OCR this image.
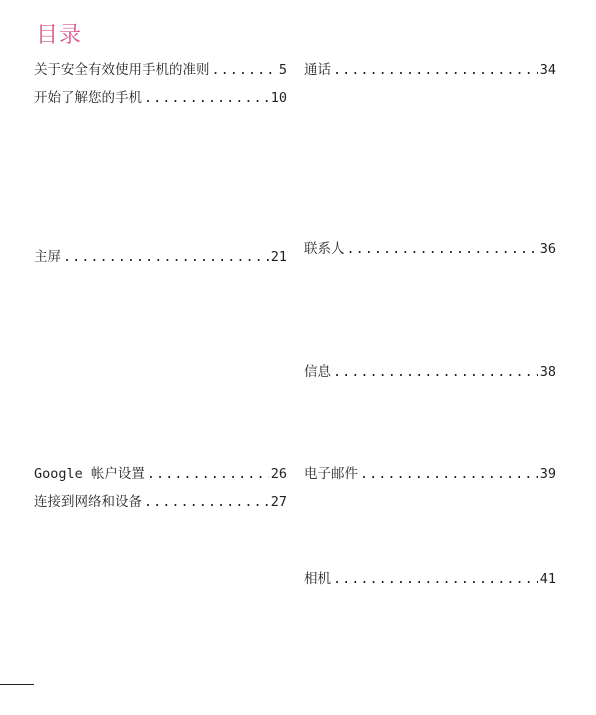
目录
关于安全有效使用手机的准则 .....	5
开始了解您的手机 .....	10
主屏 .....	21
Google 帐户设置 .....	26
连接到网络和设备 .....	27
通话 .....	34
联系人 .....	36
信息 .....	38
电子邮件 .....	39
相机 .....	41
